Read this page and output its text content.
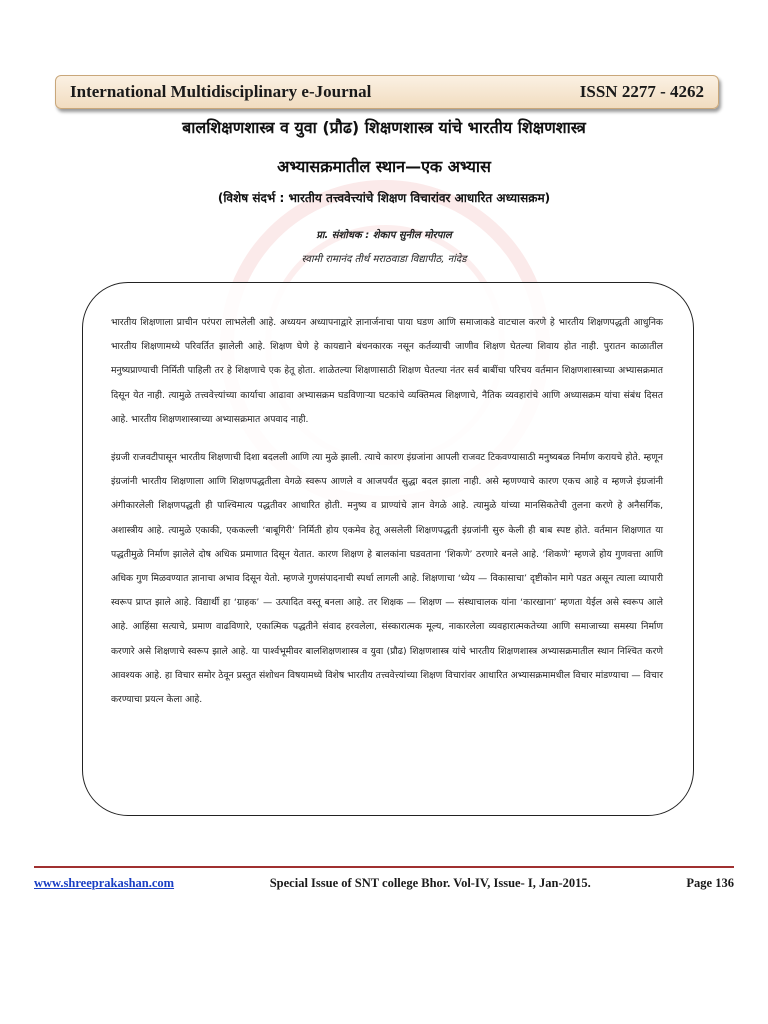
International Multidisciplinary e-Journal	ISSN 2277 - 4262
बालशिक्षणशास्त्र व युवा (प्रौढ) शिक्षणशास्त्र यांचे भारतीय शिक्षणशास्त्र
अभ्यासक्रमातील स्थान—एक अभ्यास
(विशेष संदर्भ : भारतीय तत्त्ववेत्त्यांचे शिक्षण विचारांवर आधारित अध्यासक्रम)
प्रा. संशोधक : शेकाप सुनील मोरपाल
स्वामी रामानंद तीर्थ मराठवाडा विद्यापीठ, नांदेड

भारतीय शिक्षणाला प्राचीन परंपरा लाभलेली आहे. अध्ययन अध्यापनाद्वारे ज्ञानार्जनाचा पाया घडण आणि समाजाकडे वाटचाल करणे हे भारतीय शिक्षणपद्धती आधुनिक भारतीय शिक्षणामध्ये परिवर्तित झालेली आहे. शिक्षण घेणे हे कायद्याने बंधनकारक नसून कर्तव्याची जाणीव शिक्षण घेतल्या शिवाय होत नाही. पुरातन काळातील मनुष्यप्राण्याची निर्मिती पाहिली तर हे शिक्षणाचे एक हेतू होता. शाळेतल्या शिक्षणासाठी शिक्षण घेतल्या नंतर सर्व बाबींचा परिचय वर्तमान शिक्षणशास्त्राच्या अभ्यासक्रमात दिसून येत नाही. त्यामुळे तत्त्ववेत्त्यांच्या कार्याचा आढावा अभ्यासक्रम घडविणाऱ्या घटकांचे व्यक्तिमत्व शिक्षणाचे, नैतिक व्यवहारांचे आणि अध्यासक्रम यांचा संबंध दिसत आहे. भारतीय शिक्षणशास्त्राच्या अभ्यासक्रमात अपवाद नाही.

इंग्रजी राजवटीपासून भारतीय शिक्षणाची दिशा बदलली आणि त्या मुळे झाली. त्याचे कारण इंग्रजांना आपली राजवट टिकवण्यासाठी मनुष्यबळ निर्माण करायचे होते. म्हणून इंग्रजांनी भारतीय शिक्षणाला आणि शिक्षणपद्धतीला वेगळे स्वरूप आणले व आजपर्यंत सुद्धा बदल झाला नाही. असे म्हणण्याचे कारण एकच आहे व म्हणजे इंग्रजांनी अंगीकारलेली शिक्षणपद्धती ही पाश्चिमात्य पद्धतीवर आधारित होती. मनुष्य व प्राण्यांचे ज्ञान वेगळे आहे. त्यामुळे यांच्या मानसिकतेची तुलना करणे हे अनैसर्गिक, अशास्त्रीय आहे. त्यामुळे एकाकी, एककल्ली ‘बाबूगिरी’ निर्मिती होय एकमेव हेतू असलेली शिक्षणपद्धती इंग्रजांनी सुरु केली ही बाब स्पष्ट होते. वर्तमान शिक्षणात या पद्धतीमुळे निर्माण झालेले दोष अधिक प्रमाणात दिसून येतात. कारण शिक्षण हे बालकांना घडवताना ‘शिकणे’ ठरणारे बनले आहे. ‘शिकणे’ म्हणजे होय गुणवत्ता आणि अधिक गुण मिळवण्यात ज्ञानाचा अभाव दिसून येतो. म्हणजे गुणसंपादनाची स्पर्धा लागली आहे. शिक्षणाचा ‘ध्येय — विकासाचा’ दृष्टीकोन मागे पडत असून त्याला व्यापारी स्वरूप प्राप्त झाले आहे. विद्यार्थी हा ‘ग्राहक’ — उत्पादित वस्तू बनला आहे. तर शिक्षक — शिक्षण — संस्थाचालक यांना ‘कारखाना’ म्हणता येईल असे स्वरूप आले आहे. आहिंसा सत्याचे, प्रमाण वाढविणारे, एकात्मिक पद्धतीने संवाद हरवलेला, संस्कारात्मक मूल्य, नाकारलेला व्यवहारात्मकतेच्या आणि समाजाच्या समस्या निर्माण करणारे असे शिक्षणाचे स्वरूप झाले आहे. या पार्श्वभूमीवर बालशिक्षणशास्त्र व युवा (प्रौढ) शिक्षणशास्त्र यांचे भारतीय शिक्षणशास्त्र अभ्यासक्रमातील स्थान निश्चित करणे आवश्यक आहे. हा विचार समोर ठेवून प्रस्तुत संशोधन विषयामध्ये विशेष भारतीय तत्त्ववेत्त्यांच्या शिक्षण विचारांवर आधारित अभ्यासक्रमामधील विचार मांडण्याचा — विचार करण्याचा प्रयत्न केला आहे.

www.shreeprakashan.com	Special Issue of SNT college Bhor. Vol-IV, Issue- I, Jan-2015.	Page 136
